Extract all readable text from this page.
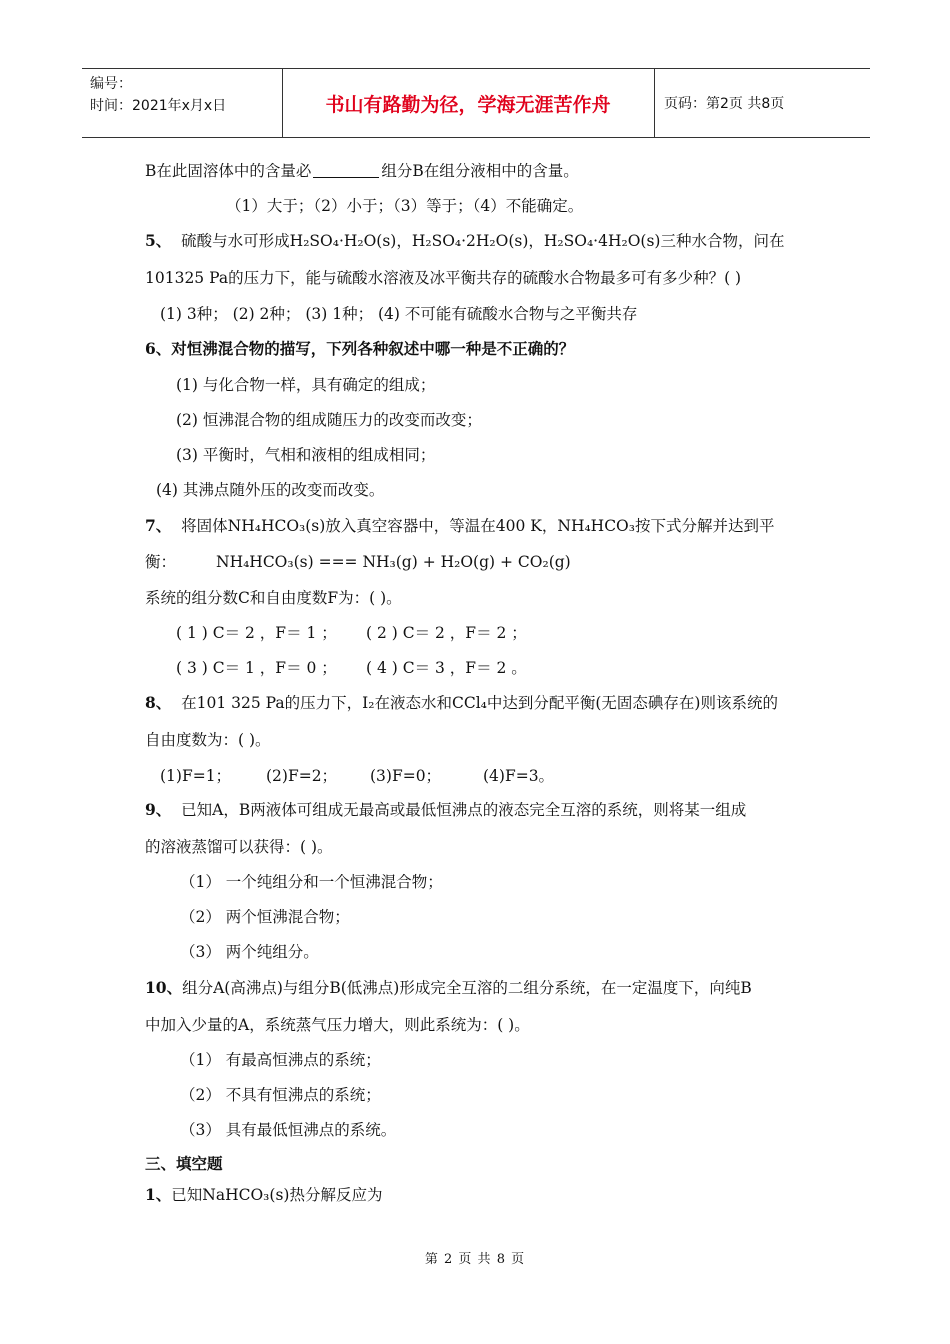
编号：
时间：2021年x月x日	书山有路勤为径，学海无涯苦作舟	页码：第2页 共8页
B在此固溶体中的含量必	组分B在组分液相中的含量。
（1）大于；（2）小于；（3）等于；（4）不能确定。
5、 硫酸与水可形成H₂SO₄·H₂O(s)，H₂SO₄·2H₂O(s)，H₂SO₄·4H₂O(s)三种水合物，问在
101325 Pa的压力下，能与硫酸水溶液及冰平衡共存的硫酸水合物最多可有多少种？( )
(1) 3种； (2) 2种； (3) 1种； (4) 不可能有硫酸水合物与之平衡共存
6、对恒沸混合物的描写，下列各种叙述中哪一种是不正确的？
(1) 与化合物一样，具有确定的组成；
(2) 恒沸混合物的组成随压力的改变而改变；
(3) 平衡时，气相和液相的组成相同；
(4) 其沸点随外压的改变而改变。
7、 将固体NH₄HCO₃(s)放入真空容器中，等温在400 K，NH₄HCO₃按下式分解并达到平
衡：	NH₄HCO₃(s) === NH₃(g) + H₂O(g) + CO₂(g)
系统的组分数C和自由度数F为：( )。
( 1 ) C＝ 2 ，F＝ 1 ； ( 2 ) C＝ 2 ，F＝ 2 ；
( 3 ) C＝ 1 ，F＝ 0 ； ( 4 ) C＝ 3 ，F＝ 2 。
8、 在101 325 Pa的压力下，I₂在液态水和CCl₄中达到分配平衡(无固态碘存在)则该系统的
自由度数为：( )。
(1)F=1； (2)F=2； (3)F=0；	(4)F=3。
9、 已知A，B两液体可组成无最高或最低恒沸点的液态完全互溶的系统，则将某一组成
的溶液蒸馏可以获得：( )。
（1） 一个纯组分和一个恒沸混合物；
（2） 两个恒沸混合物；
（3） 两个纯组分。
10、组分A(高沸点)与组分B(低沸点)形成完全互溶的二组分系统，在一定温度下，向纯B
中加入少量的A，系统蒸气压力增大，则此系统为：( )。
（1） 有最高恒沸点的系统；
（2） 不具有恒沸点的系统；
（3） 具有最低恒沸点的系统。
三、填空题
1、已知NaHCO₃(s)热分解反应为
第 2 页 共 8 页
